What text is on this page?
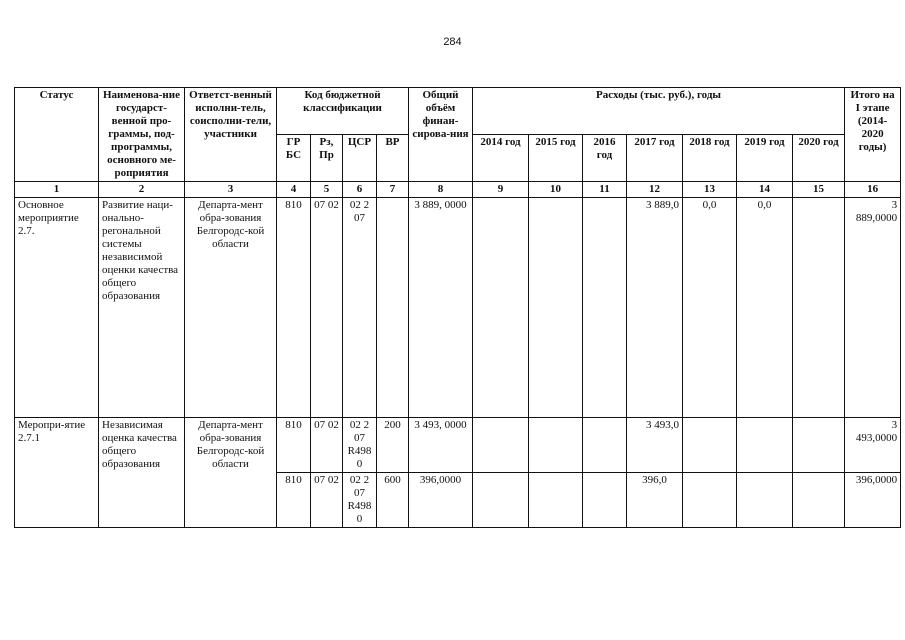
284
Статус	Наименова-ние государст-венной про-граммы, под-программы, основного ме-роприятия	Ответст-венный исполни-тель, соисполни-тели, участники	Код бюджетной классификации				Общий объём финан-сирова-ния	Расходы (тыс. руб.), годы							Итого на I этапе (2014-2020 годы)
			ГР БС	Рз, Пр	ЦСР	ВР		2014 год	2015 год	2016 год	2017 год	2018 год	2019 год	2020 год	
1	2	3	4	5	6	7	8	9	10	11	12	13	14	15	16
Основное мероприятие 2.7.	Развитие наци-онально-регональной системы независимой оценки качества общего образования	Департа-мент обра-зования Белгородс-кой области	810	07 02	02 2 07		3 889, 0000				3 889,0	0,0	0,0		3 889,0000
Меропри-ятие 2.7.1	Независимая оценка качества общего образования	Департа-мент обра-зования Белгородс-кой области	810	07 02	02 2 07 R498 0	200	3 493, 0000				3 493,0				3 493,0000
			810	07 02	02 2 07 R498 0	600	396,0000				396,0				396,0000
